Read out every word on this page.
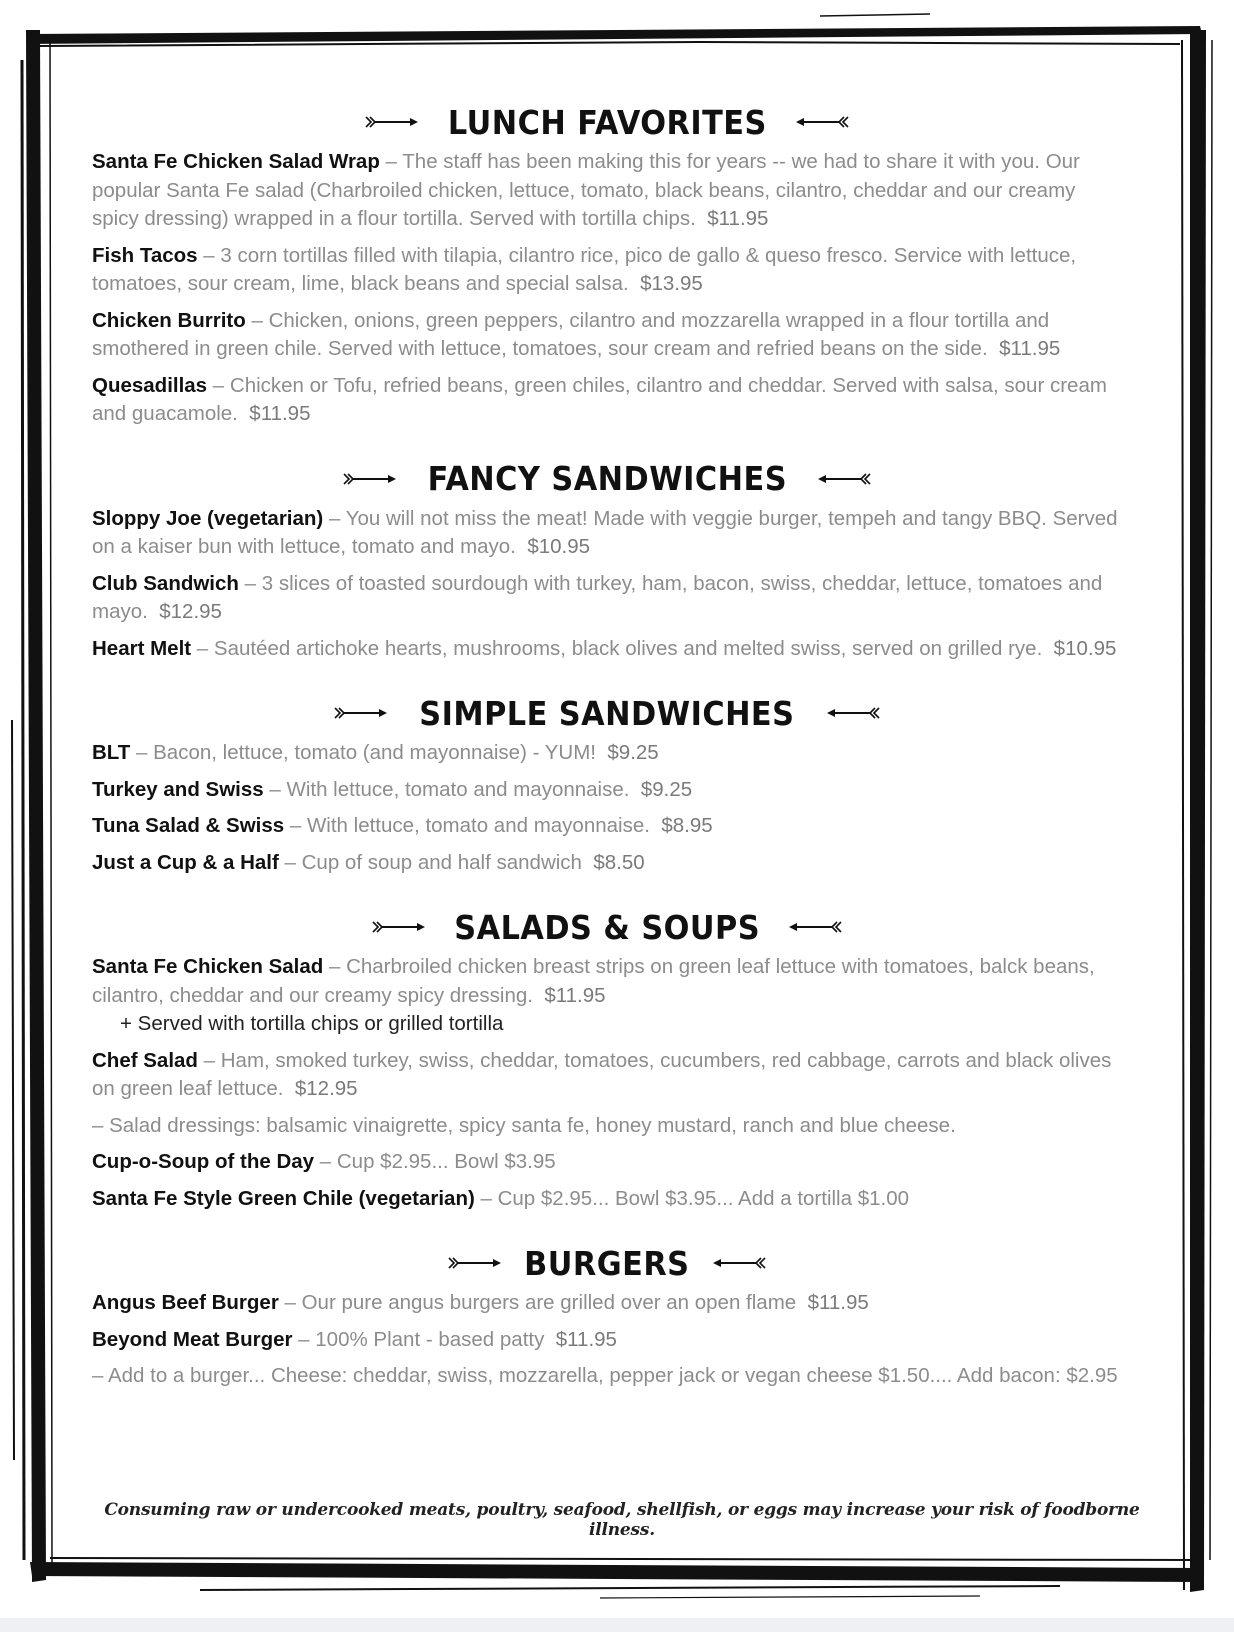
LUNCH FAVORITES
Santa Fe Chicken Salad Wrap – The staff has been making this for years -- we had to share it with you. Our popular Santa Fe salad (Charbroiled chicken, lettuce, tomato, black beans, cilantro, cheddar and our creamy spicy dressing) wrapped in a flour tortilla. Served with tortilla chips. $11.95
Fish Tacos – 3 corn tortillas filled with tilapia, cilantro rice, pico de gallo & queso fresco. Service with lettuce, tomatoes, sour cream, lime, black beans and special salsa. $13.95
Chicken Burrito – Chicken, onions, green peppers, cilantro and mozzarella wrapped in a flour tortilla and smothered in green chile. Served with lettuce, tomatoes, sour cream and refried beans on the side. $11.95
Quesadillas – Chicken or Tofu, refried beans, green chiles, cilantro and cheddar. Served with salsa, sour cream and guacamole. $11.95
FANCY SANDWICHES
Sloppy Joe (vegetarian) – You will not miss the meat! Made with veggie burger, tempeh and tangy BBQ. Served on a kaiser bun with lettuce, tomato and mayo. $10.95
Club Sandwich – 3 slices of toasted sourdough with turkey, ham, bacon, swiss, cheddar, lettuce, tomatoes and mayo. $12.95
Heart Melt – Sautéed artichoke hearts, mushrooms, black olives and melted swiss, served on grilled rye. $10.95
SIMPLE SANDWICHES
BLT – Bacon, lettuce, tomato (and mayonnaise) - YUM! $9.25
Turkey and Swiss – With lettuce, tomato and mayonnaise. $9.25
Tuna Salad & Swiss – With lettuce, tomato and mayonnaise. $8.95
Just a Cup & a Half – Cup of soup and half sandwich $8.50
SALADS & SOUPS
Santa Fe Chicken Salad – Charbroiled chicken breast strips on green leaf lettuce with tomatoes, balck beans, cilantro, cheddar and our creamy spicy dressing. $11.95
+ Served with tortilla chips or grilled tortilla
Chef Salad – Ham, smoked turkey, swiss, cheddar, tomatoes, cucumbers, red cabbage, carrots and black olives on green leaf lettuce. $12.95
– Salad dressings: balsamic vinaigrette, spicy santa fe, honey mustard, ranch and blue cheese.
Cup-o-Soup of the Day – Cup $2.95... Bowl $3.95
Santa Fe Style Green Chile (vegetarian) – Cup $2.95... Bowl $3.95... Add a tortilla $1.00
BURGERS
Angus Beef Burger – Our pure angus burgers are grilled over an open flame $11.95
Beyond Meat Burger – 100% Plant - based patty $11.95
– Add to a burger... Cheese: cheddar, swiss, mozzarella, pepper jack or vegan cheese $1.50.... Add bacon: $2.95
Consuming raw or undercooked meats, poultry, seafood, shellfish, or eggs may increase your risk of foodborne illness.
